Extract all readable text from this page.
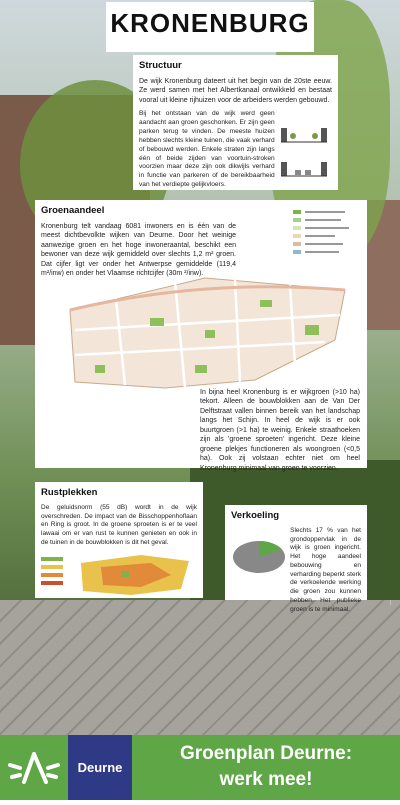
KRONENBURG
Structuur

De wijk Kronenburg dateert uit het begin van de 20ste eeuw. Ze werd samen met het Albertkanaal ontwikkeld en bestaat vooral uit kleine rijhuizen voor de arbeiders werden gebouwd.

Bij het ontstaan van de wijk werd geen aandacht aan groen geschonken. Er zijn geen parken terug te vinden. De meeste huizen hebben slechts kleine tuinen, die vaak verhard of bebouwd werden. Enkele straten zijn langs één of beide zijden van voortuin-stroken voorzien maar deze zijn ook dikwijls verhard in functie van parkeren of de bereikbaarheid van het verdiepte gelijkvloers.

Groenaandeel

Kronenburg telt vandaag 6081 inwoners en is één van de meest dichtbevolkte wijken van Deurne. Door het weinige aanwezige groen en het hoge inwoneraantal, beschikt een bewoner van deze wijk gemiddeld over slechts 1,2 m² groen. Dat cijfer ligt ver onder het Antwerpse gemiddelde (119,4 m²/inw) en onder het Vlaamse richtcijfer (30m ²/inw).

In bijna heel Kronenburg is er wijkgroen (>10 ha) tekort. Alleen de bouwblokken aan de Van Der Delftstraat vallen binnen bereik van het landschap langs het Schijn. In heel de wijk is er ook buurtgroen (>1 ha) te weinig. Enkele straathoeken zijn als 'groene sproeten' ingericht. Deze kleine groene plekjes functioneren als woongroen (<0,5 ha). Ook zij volstaan echter niet om heel Kronenburg minimaal van groen te voorzien.

Rustplekken

De geluidsnorm (55 dB) wordt in de wijk overschreden. De impact van de Bisschoppenhoflaan en Ring is groot. In de groene sproeten is er te veel lawaai om er van rust te kunnen genieten en ook in de tuinen in de bouwblokken is dit het geval.

Verkoeling

Slechts 17 % van het grondoppervlak in de wijk is groen ingericht. Het hoge aandeel bebouwing en verharding beperkt sterk de verkoelende werking die groen zou kunnen hebben. Het publieke groen is te minimaal.

—
Deurne
Groenplan Deurne:
werk mee!
